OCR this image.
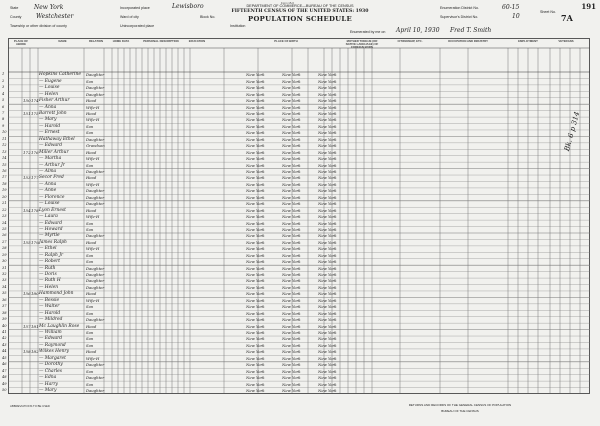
Form 15-6
DEPARTMENT OF COMMERCE—BUREAU OF THE CENSUS
FIFTEENTH CENSUS OF THE UNITED STATES: 1930
POPULATION SCHEDULE
191
Sheet No.
7A
State	New York	Incorporated place	Lewisboro	Enumeration District No.	60-15
County Westchester	Ward of city	Block No.	Supervisor's District No.	10
Township or other division of county	Unincorporated place	Institution
Enumerated by me on April 10, 1930 Fred T. Smith
PLACE OF ABODE
NAME	RELATION	HOME DATA	PERSONAL DESCRIPTION	EDUCATION	PLACE OF BIRTH	MOTHER TONGUE (OR NATIVE LANGUAGE) OF FOREIGN BORN
CITIZENSHIP, ETC.	OCCUPATION AND INDUSTRY	EMPLOYMENT	VETERANS
1	Hopkins Catherine Daughter	New York	New York	New York
2	— Eugene	Son	New York	New York	New York
3	— Louise	Daughter	New York	New York	New York
4	— Helen	Daughter	New York	New York	New York
5	150 174 Fisher Arthur	Head	New York	New York	New York
6	— Anna	Wife-H	New York	New York	New York
7	151 175 Barrett John	Head	New York	New York	New York
8	— Mary	Wife-H	New York	New York	New York
9	— Harold	Son	New York	New York	New York
10	— Ernest	Son	New York	New York	New York
11	Hathaway Ethel	Daughter	New York	New York	New York
12	— Edward	Grandson	New York	New York	New York
13	172 176 Miller Arthur	Head	New York	New York	New York
14	— Martha	Wife-H	New York	New York	New York
15	— Arthur Jr	Son	New York	New York	New York
16	— Alma	Daughter	New York	New York	New York
17	153 177 Secor Fred	Head	New York	New York	New York
18	— Anna	Wife-H	New York	New York	New York
19	— Anne	Daughter	New York	New York	New York
20	— Florence	Daughter	New York	New York	New York
21	— Louise	Daughter	New York	New York	New York
22	154 178 Lyon Ernest	Head	New York	New York	New York
23	— Laura	Wife-H	New York	New York	New York
24	— Edward	Son	New York	New York	New York
25	— Howard	Son	New York	New York	New York
26	— Myrtle	Daughter	New York	New York	New York
27	155 179 James Ralph	Head	New York	New York	New York
28	— Ethel	Wife-H	New York	New York	New York
29	— Ralph Jr	Son	New York	New York	New York
30	— Robert	Son	New York	New York	New York
31	— Ruth	Daughter	New York	New York	New York
32	— Doris	Daughter	New York	New York	New York
33	— Ruth H	Daughter	New York	New York	New York
34	— Helen	Daughter	New York	New York	New York
35	156 180 Hammond John	Head	New York	New York	New York
36	— Bessie	Wife-H	New York	New York	New York
37	— Walter	Son	New York	New York	New York
38	— Harold	Son	New York	New York	New York
39	— Mildred	Daughter	New York	New York	New York
40	157 181 Mc Laughlin Rose Head	New York	New York	New York
41	— William	Son	New York	New York	New York
42	— Edward	Son	New York	New York	New York
43	— Raymond	Son	New York	New York	New York
44	158 182 Wilkes Henry	Head	New York	New York	New York
45	— Margaret	Wife-H	New York	New York	New York
46	— Dorothy	Daughter	New York	New York	New York
47	— Charles	Son	New York	New York	New York
48	— Edna	Daughter	New York	New York	New York
49	— Harry	Son	New York	New York	New York
50	— Mary	Daughter	New York	New York	New York
Bk. 6 p 314
ABBREVIATIONS TO BE USED	RETURNS AND RECORDS OF THE GENERAL CENSUS OF POPULATION
BUREAU OF THE CENSUS
